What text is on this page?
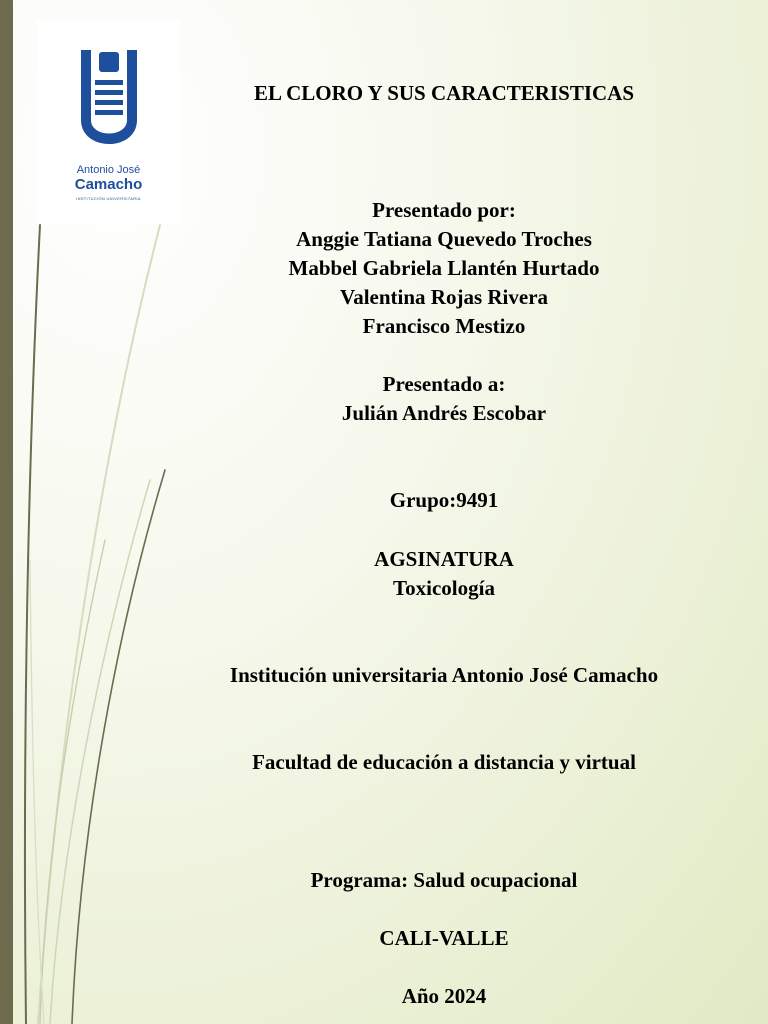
Antonio José
Camacho
INSTITUCIÓN UNIVERSITARIA
EL CLORO Y SUS CARACTERISTICAS
Presentado por:
Anggie Tatiana Quevedo Troches
Mabbel Gabriela Llantén Hurtado
Valentina Rojas Rivera
Francisco Mestizo
Presentado a:
Julián Andrés Escobar
Grupo:9491
AGSINATURA
Toxicología
Institución universitaria Antonio José Camacho
Facultad de educación a distancia y virtual
Programa: Salud ocupacional
CALI-VALLE
Año 2024
